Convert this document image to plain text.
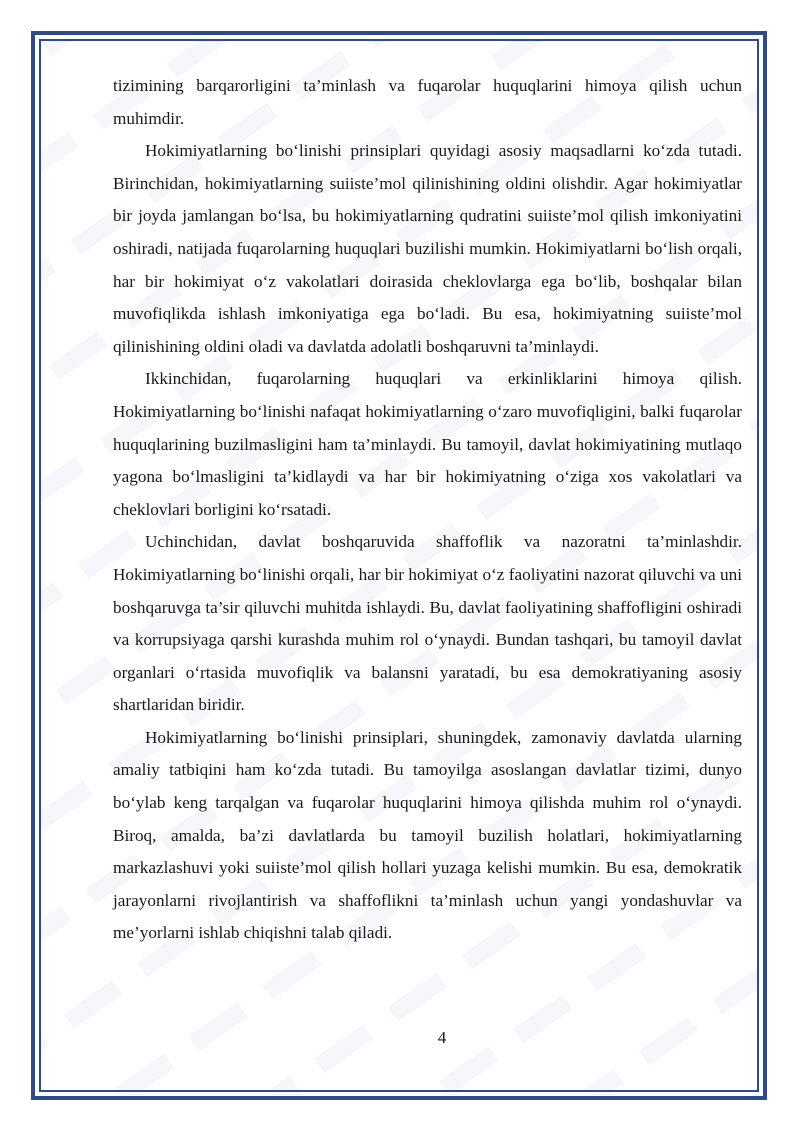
tizimining barqarorligini ta’minlash va fuqarolar huquqlarini himoya qilish uchun muhimdir.

Hokimiyatlarning bo‘linishi prinsiplari quyidagi asosiy maqsadlarni ko‘zda tutadi. Birinchidan, hokimiyatlarning suiiste’mol qilinishining oldini olishdir. Agar hokimiyatlar bir joyda jamlangan bo‘lsa, bu hokimiyatlarning qudratini suiiste’mol qilish imkoniyatini oshiradi, natijada fuqarolarning huquqlari buzilishi mumkin. Hokimiyatlarni bo‘lish orqali, har bir hokimiyat o‘z vakolatlari doirasida cheklovlarga ega bo‘lib, boshqalar bilan muvofiqlikda ishlash imkoniyatiga ega bo‘ladi. Bu esa, hokimiyatning suiiste’mol qilinishining oldini oladi va davlatda adolatli boshqaruvni ta’minlaydi.

Ikkinchidan, fuqarolarning huquqlari va erkinliklarini himoya qilish. Hokimiyatlarning bo‘linishi nafaqat hokimiyatlarning o‘zaro muvofiqligini, balki fuqarolar huquqlarining buzilmasligini ham ta’minlaydi. Bu tamoyil, davlat hokimiyatining mutlaqo yagona bo‘lmasligini ta’kidlaydi va har bir hokimiyatning o‘ziga xos vakolatlari va cheklovlari borligini ko‘rsatadi.

Uchinchidan, davlat boshqaruvida shaffoflik va nazoratni ta’minlashdir. Hokimiyatlarning bo‘linishi orqali, har bir hokimiyat o‘z faoliyatini nazorat qiluvchi va uni boshqaruvga ta’sir qiluvchi muhitda ishlaydi. Bu, davlat faoliyatining shaffofligini oshiradi va korrupsiyaga qarshi kurashda muhim rol o‘ynaydi. Bundan tashqari, bu tamoyil davlat organlari o‘rtasida muvofiqlik va balansni yaratadi, bu esa demokratiyaning asosiy shartlaridan biridir.

Hokimiyatlarning bo‘linishi prinsiplari, shuningdek, zamonaviy davlatda ularning amaliy tatbiqini ham ko‘zda tutadi. Bu tamoyilga asoslangan davlatlar tizimi, dunyo bo‘ylab keng tarqalgan va fuqarolar huquqlarini himoya qilishda muhim rol o‘ynaydi. Biroq, amalda, ba’zi davlatlarda bu tamoyil buzilish holatlari, hokimiyatlarning markazlashuvi yoki suiiste’mol qilish hollari yuzaga kelishi mumkin. Bu esa, demokratik jarayonlarni rivojlantirish va shaffoflikni ta’minlash uchun yangi yondashuvlar va me’yorlarni ishlab chiqishni talab qiladi.

4
